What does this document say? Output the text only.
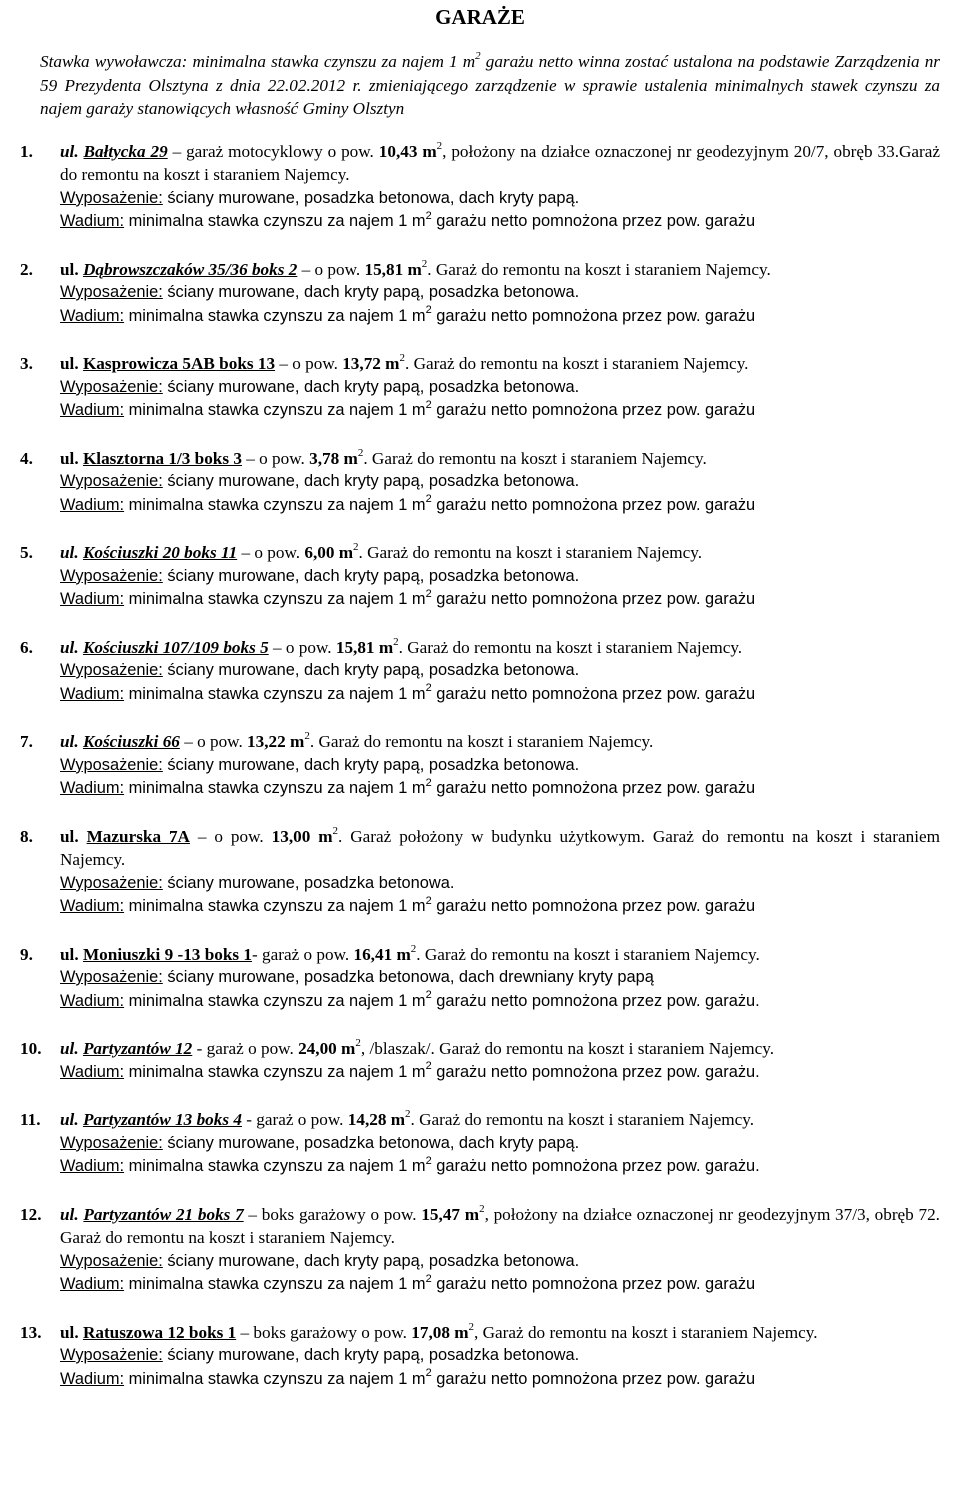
GARAŻE
Stawka wywoławcza: minimalna stawka czynszu za najem 1 $m^2$ garażu netto winna zostać ustalona na podstawie Zarządzenia nr 59 Prezydenta Olsztyna z dnia 22.02.2012 r. zmieniającego zarządzenie w sprawie ustalenia minimalnych stawek czynszu za najem garaży stanowiących własność Gminy Olsztyn
1. ul. Bałtycka 29 – garaż motocyklowy o pow. 10,43 $m^2$, położony na działce oznaczonej nr geodezyjnym 20/7, obręb 33.Garaż do remontu na koszt i staraniem Najemcy.
Wyposażenie: ściany murowane, posadzka betonowa, dach kryty papą.
Wadium: minimalna stawka czynszu za najem 1 $m^2$ garażu netto pomnożona przez pow. garażu
2. ul. Dąbrowszczaków 35/36 boks 2 – o pow. 15,81 $m^2$. Garaż do remontu na koszt i staraniem Najemcy.
Wyposażenie: ściany murowane, dach kryty papą, posadzka betonowa.
Wadium: minimalna stawka czynszu za najem 1 $m^2$ garażu netto pomnożona przez pow. garażu
3. ul. Kasprowicza 5AB boks 13 – o pow. 13,72 $m^2$. Garaż do remontu na koszt i staraniem Najemcy.
Wyposażenie: ściany murowane, dach kryty papą, posadzka betonowa.
Wadium: minimalna stawka czynszu za najem 1 $m^2$ garażu netto pomnożona przez pow. garażu
4. ul. Klasztorna 1/3 boks 3 – o pow. 3,78 $m^2$. Garaż do remontu na koszt i staraniem Najemcy.
Wyposażenie: ściany murowane, dach kryty papą, posadzka betonowa.
Wadium: minimalna stawka czynszu za najem 1 $m^2$ garażu netto pomnożona przez pow. garażu
5. ul. Kościuszki 20 boks 11 – o pow. 6,00 $m^2$. Garaż do remontu na koszt i staraniem Najemcy.
Wyposażenie: ściany murowane, dach kryty papą, posadzka betonowa.
Wadium: minimalna stawka czynszu za najem 1 $m^2$ garażu netto pomnożona przez pow. garażu
6. ul. Kościuszki 107/109 boks 5 – o pow. 15,81 $m^2$. Garaż do remontu na koszt i staraniem Najemcy.
Wyposażenie: ściany murowane, dach kryty papą, posadzka betonowa.
Wadium: minimalna stawka czynszu za najem 1 $m^2$ garażu netto pomnożona przez pow. garażu
7. ul. Kościuszki 66 – o pow. 13,22 $m^2$. Garaż do remontu na koszt i staraniem Najemcy.
Wyposażenie: ściany murowane, dach kryty papą, posadzka betonowa.
Wadium: minimalna stawka czynszu za najem 1 $m^2$ garażu netto pomnożona przez pow. garażu
8. ul. Mazurska 7A – o pow. 13,00 $m^2$. Garaż położony w budynku użytkowym. Garaż do remontu na koszt i staraniem Najemcy.
Wyposażenie: ściany murowane, posadzka betonowa.
Wadium: minimalna stawka czynszu za najem 1 $m^2$ garażu netto pomnożona przez pow. garażu
9. ul. Moniuszki 9 -13 boks 1- garaż o pow. 16,41 $m^2$. Garaż do remontu na koszt i staraniem Najemcy.
Wyposażenie: ściany murowane, posadzka betonowa, dach drewniany kryty papą
Wadium: minimalna stawka czynszu za najem 1 $m^2$ garażu netto pomnożona przez pow. garażu.
10. ul. Partyzantów 12 - garaż o pow. 24,00 $m^2$, /blaszak/. Garaż do remontu na koszt i staraniem Najemcy.
Wadium: minimalna stawka czynszu za najem 1 $m^2$ garażu netto pomnożona przez pow. garażu.
11. ul. Partyzantów 13 boks 4 - garaż o pow. 14,28 $m^2$. Garaż do remontu na koszt i staraniem Najemcy.
Wyposażenie: ściany murowane, posadzka betonowa, dach kryty papą.
Wadium: minimalna stawka czynszu za najem 1 $m^2$ garażu netto pomnożona przez pow. garażu.
12. ul. Partyzantów 21 boks 7 – boks garażowy o pow. 15,47 $m^2$, położony na działce oznaczonej nr geodezyjnym 37/3, obręb 72. Garaż do remontu na koszt i staraniem Najemcy.
Wyposażenie: ściany murowane, dach kryty papą, posadzka betonowa.
Wadium: minimalna stawka czynszu za najem 1 $m^2$ garażu netto pomnożona przez pow. garażu
13. ul. Ratuszowa 12 boks 1 – boks garażowy o pow. 17,08 $m^2$, Garaż do remontu na koszt i staraniem Najemcy.
Wyposażenie: ściany murowane, dach kryty papą, posadzka betonowa.
Wadium: minimalna stawka czynszu za najem 1 $m^2$ garażu netto pomnożona przez pow. garażu
